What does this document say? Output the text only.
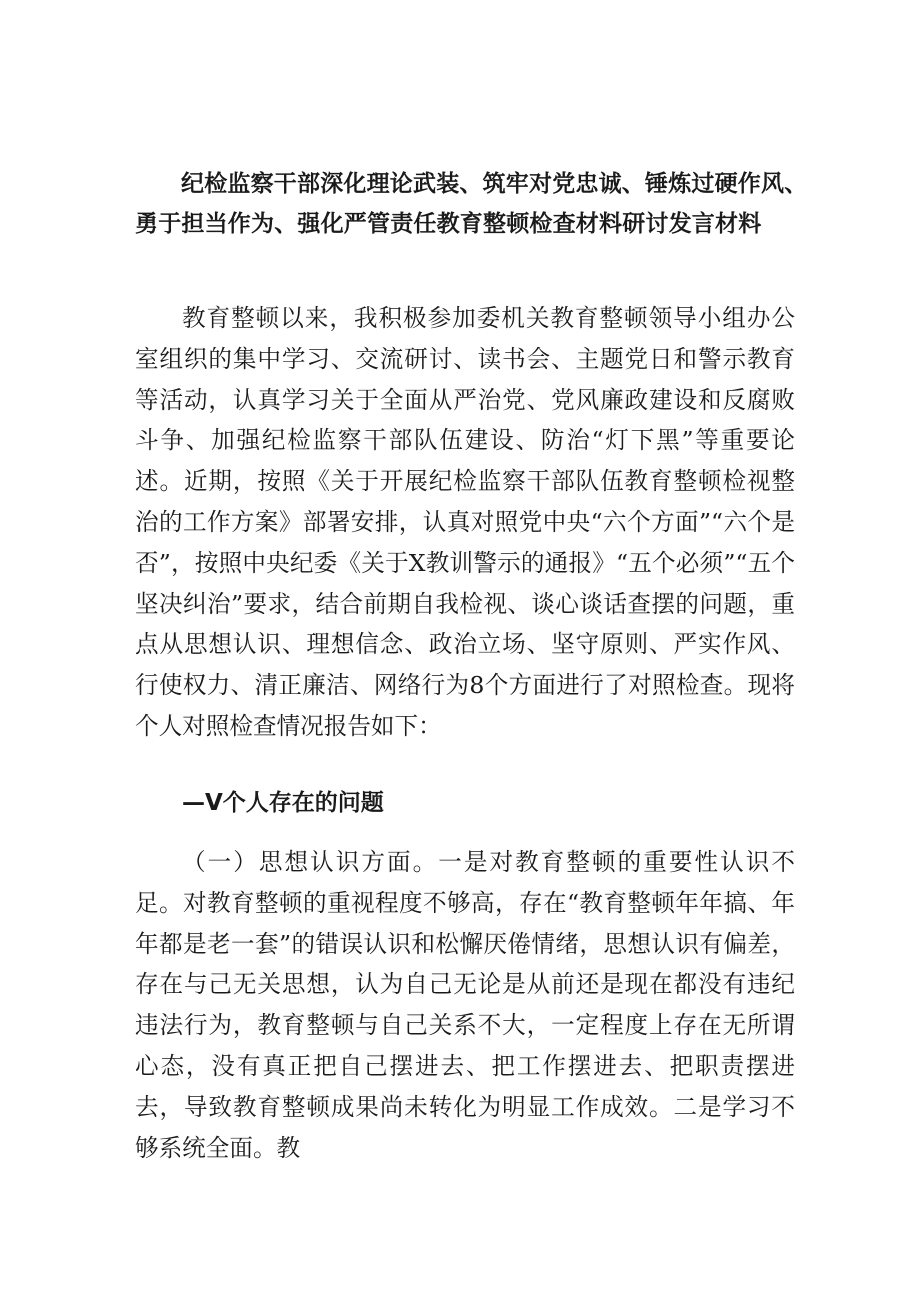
纪检监察干部深化理论武装、筑牢对党忠诚、锤炼过硬作风、
勇于担当作为、强化严管责任教育整顿检查材料研讨发言材料

教育整顿以来，我积极参加委机关教育整顿领导小组办公室组织的集中学习、交流研讨、读书会、主题党日和警示教育等活动，认真学习关于全面从严治党、党风廉政建设和反腐败斗争、加强纪检监察干部队伍建设、防治“灯下黑”等重要论述。近期，按照《关于开展纪检监察干部队伍教育整顿检视整治的工作方案》部署安排，认真对照党中央“六个方面”“六个是否”，按照中央纪委《关于X教训警示的通报》“五个必须”“五个坚决纠治”要求，结合前期自我检视、谈心谈话查摆的问题，重点从思想认识、理想信念、政治立场、坚守原则、严实作风、行使权力、清正廉洁、网络行为8个方面进行了对照检查。现将个人对照检查情况报告如下：

—V个人存在的问题

（一）思想认识方面。一是对教育整顿的重要性认识不足。对教育整顿的重视程度不够高，存在“教育整顿年年搞、年年都是老一套”的错误认识和松懈厌倦情绪，思想认识有偏差，存在与己无关思想，认为自己无论是从前还是现在都没有违纪违法行为，教育整顿与自己关系不大，一定程度上存在无所谓心态，没有真正把自己摆进去、把工作摆进去、把职责摆进去，导致教育整顿成果尚未转化为明显工作成效。二是学习不够系统全面。教
